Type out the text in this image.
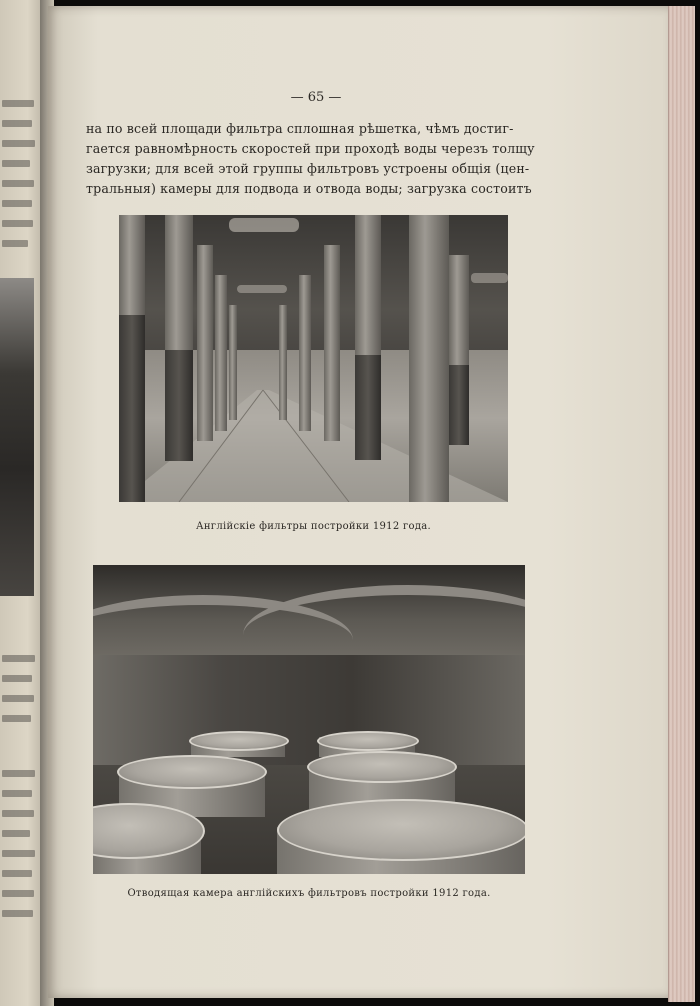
— 65 —
на по всей площади фильтра сплошная рѣшетка, чѣмъ достиг-
гается равномѣрность скоростей при проходѣ воды черезъ толщу
загрузки; для всей этой группы фильтровъ устроены общія (цен-
тральныя) камеры для подвода и отвода воды; загрузка состоитъ
Англійскіе фильтры постройки 1912 года.
Отводящая камера англійскихъ фильтровъ постройки 1912 года.
